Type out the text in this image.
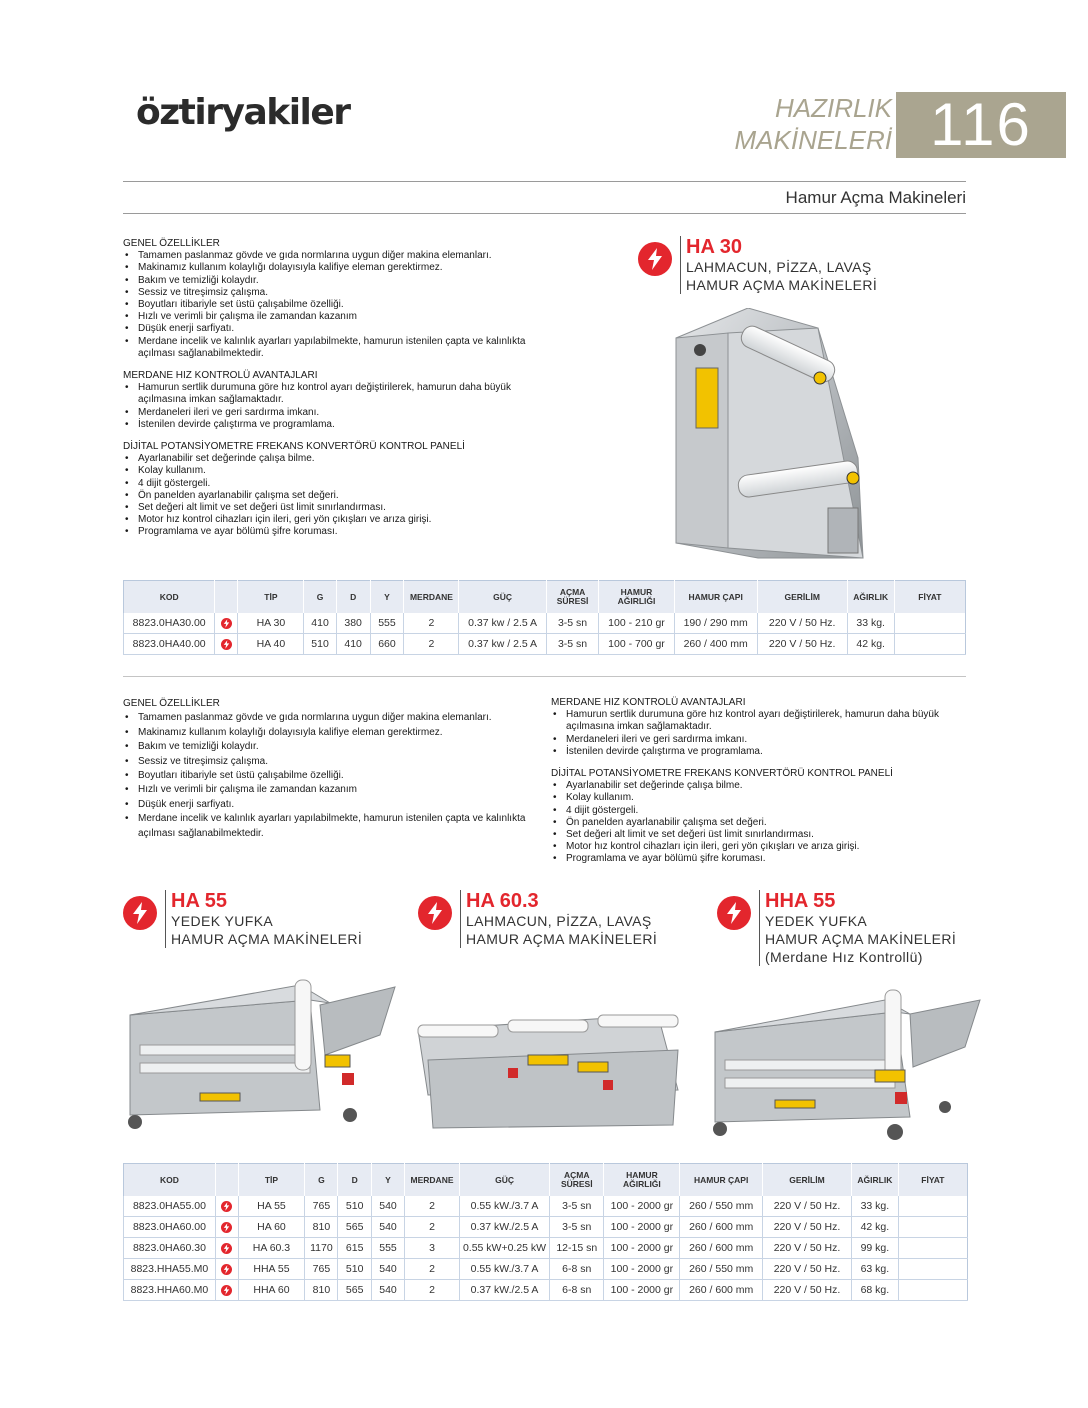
öztiryakiler	HAZIRLIK
MAKİNELERİ 116
Hamur Açma Makineleri
GENEL ÖZELLİKLER
• Tamamen paslanmaz gövde ve gıda normlarına uygun diğer makina elemanları.
• Makinamız kullanım kolaylığı dolayısıyla kalifiye eleman gerektirmez.
• Bakım ve temizliği kolaydır.
• Sessiz ve titreşimsiz çalışma.
• Boyutları itibariyle set üstü çalışabilme özelliği.
• Hızlı ve verimli bir çalışma ile zamandan kazanım
• Düşük enerji sarfiyatı.
• Merdane incelik ve kalınlık ayarları yapılabilmekte, hamurun istenilen çapta ve kalınlıkta açılması sağlanabilmektedir.
MERDANE HIZ KONTROLÜ AVANTAJLARI
• Hamurun sertlik durumuna göre hız kontrol ayarı değiştirilerek, hamurun daha büyük açılmasına imkan sağlamaktadır.
• Merdaneleri ileri ve geri sardırma imkanı.
• İstenilen devirde çalıştırma ve programlama.
DİJİTAL POTANSİYOMETRE FREKANS KONVERTÖRÜ KONTROL PANELİ
• Ayarlanabilir set değerinde çalışa bilme.
• Kolay kullanım.
• 4 dijit göstergeli.
• Ön panelden ayarlanabilir çalışma set değeri.
• Set değeri alt limit ve set değeri üst limit sınırlandırması.
• Motor hız kontrol cihazları için ileri, geri yön çıkışları ve arıza girişi.
• Programlama ve ayar bölümü şifre koruması.
HA 30
LAHMACUN, PİZZA, LAVAŞ
HAMUR AÇMA MAKİNELERİ
KOD		TİP	G	D	Y	MERDANE	GÜÇ	AÇMA SÜRESİ	HAMUR AĞIRLIĞI	HAMUR ÇAPI	GERİLİM	AĞIRLIK	FİYAT
8823.0HA30.00		HA 30	410	380	555	2	0.37 kw / 2.5 A	3-5 sn	100 - 210 gr	190 / 290 mm	220 V / 50 Hz.	33 kg.	
8823.0HA40.00		HA 40	510	410	660	2	0.37 kw / 2.5 A	3-5 sn	100 - 700 gr	260 / 400 mm	220 V / 50 Hz.	42 kg.	
GENEL ÖZELLİKLER
• Tamamen paslanmaz gövde ve gıda normlarına uygun diğer makina elemanları.
• Makinamız kullanım kolaylığı dolayısıyla kalifiye eleman gerektirmez.
• Bakım ve temizliği kolaydır.
• Sessiz ve titreşimsiz çalışma.
• Boyutları itibariyle set üstü çalışabilme özelliği.
• Hızlı ve verimli bir çalışma ile zamandan kazanım
• Düşük enerji sarfiyatı.
• Merdane incelik ve kalınlık ayarları yapılabilmekte, hamurun istenilen çapta ve kalınlıkta açılması sağlanabilmektedir.
MERDANE HIZ KONTROLÜ AVANTAJLARI
• Hamurun sertlik durumuna göre hız kontrol ayarı değiştirilerek, hamurun daha büyük açılmasına imkan sağlamaktadır.
• Merdaneleri ileri ve geri sardırma imkanı.
• İstenilen devirde çalıştırma ve programlama.
DİJİTAL POTANSİYOMETRE FREKANS KONVERTÖRÜ KONTROL PANELİ
• Ayarlanabilir set değerinde çalışa bilme.
• Kolay kullanım.
• 4 dijit göstergeli.
• Ön panelden ayarlanabilir çalışma set değeri.
• Set değeri alt limit ve set değeri üst limit sınırlandırması.
• Motor hız kontrol cihazları için ileri, geri yön çıkışları ve arıza girişi.
• Programlama ve ayar bölümü şifre koruması.
HA 55
YEDEK YUFKA
HAMUR AÇMA MAKİNELERİ
HA 60.3
LAHMACUN, PİZZA, LAVAŞ
HAMUR AÇMA MAKİNELERİ
HHA 55
YEDEK YUFKA
HAMUR AÇMA MAKİNELERİ
(Merdane Hız Kontrollü)
KOD		TİP	G	D	Y	MERDANE	GÜÇ	AÇMA SÜRESİ	HAMUR AĞIRLIĞI	HAMUR ÇAPI	GERİLİM	AĞIRLIK	FİYAT
8823.0HA55.00		HA 55	765	510	540	2	0.55 kW./3.7 A	3-5 sn	100 - 2000 gr	260 / 550 mm	220 V / 50 Hz.	33 kg.	
8823.0HA60.00		HA 60	810	565	540	2	0.37 kW./2.5 A	3-5 sn	100 - 2000 gr	260 / 600 mm	220 V / 50 Hz.	42 kg.	
8823.0HA60.30		HA 60.3	1170	615	555	3	0.55 kW+0.25 kW	12-15 sn	100 - 2000 gr	260 / 600 mm	220 V / 50 Hz.	99 kg.	
8823.HHA55.M0		HHA 55	765	510	540	2	0.55 kW./3.7 A	6-8 sn	100 - 2000 gr	260 / 550 mm	220 V / 50 Hz.	63 kg.	
8823.HHA60.M0		HHA 60	810	565	540	2	0.37 kW./2.5 A	6-8 sn	100 - 2000 gr	260 / 600 mm	220 V / 50 Hz.	68 kg.	
